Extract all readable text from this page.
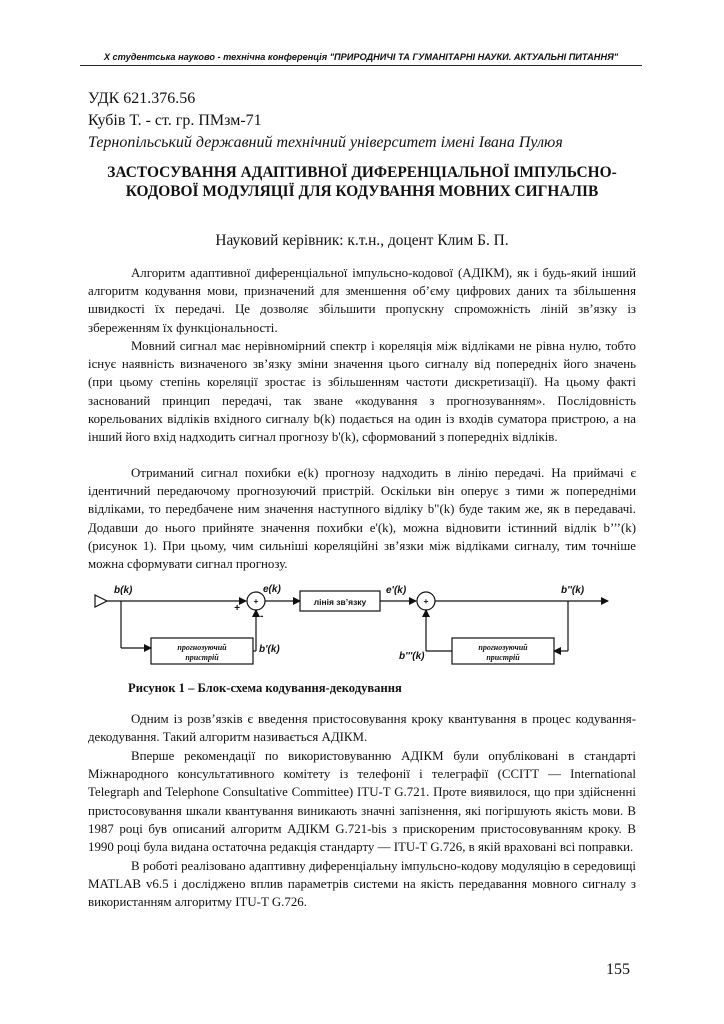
Х студентська науково - технічна конференція "ПРИРОДНИЧІ ТА ГУМАНІТАРНІ НАУКИ. АКТУАЛЬНІ ПИТАННЯ"
УДК 621.376.56
Кубів Т. - ст. гр. ПМзм-71
Тернопільський державний технічний університет імені Івана Пулюя
ЗАСТОСУВАННЯ АДАПТИВНОЇ ДИФЕРЕНЦІАЛЬНОЇ ІМПУЛЬСНО-КОДОВОЇ МОДУЛЯЦІЇ ДЛЯ КОДУВАННЯ МОВНИХ СИГНАЛІВ
Науковий керівник: к.т.н., доцент Клим Б. П.

Алгоритм адаптивної диференціальної імпульсно-кодової (АДІКМ), як і будь-який інший алгоритм кодування мови, призначений для зменшення об’єму цифрових даних та збільшення швидкості їх передачі. Це дозволяє збільшити пропускну спроможність ліній зв’язку із збереженням їх функціональності.

Мовний сигнал має нерівномірний спектр і кореляція між відліками не рівна нулю, тобто існує наявність визначеного зв’язку зміни значення цього сигналу від попередніх його значень (при цьому степінь кореляції зростає із збільшенням частоти дискретизації). На цьому факті заснований принцип передачі, так зване «кодування з прогнозуванням». Послідовність корельованих відліків вхідного сигналу b(k) подається на один із входів суматора пристрою, а на інший його вхід надходить сигнал прогнозу b'(k), сформований з попередніх відліків.

Отриманий сигнал похибки e(k) прогнозу надходить в лінію передачі. На приймачі є ідентичний передаючому прогнозуючий пристрій. Оскільки він оперує з тими ж попередніми відліками, то передбачене ним значення наступного відліку b"(k) буде таким же, як в передавачі. Додавши до нього прийняте значення похибки e'(k), можна відновити істинний відлік b’’’(k) (рисунок 1). При цьому, чим сильніші кореляційні зв’язки між відліками сигналу, тим точніше можна сформувати сигнал прогнозу.

прогнозуючий
пристрій
+
+
-
лінія зв’язку	+
прогнозуючий
пристрій
b(k)	e(k)	e'(k)	b''(k)
b'(k)
b'''(k)
Рисунок 1 – Блок-схема кодування-декодування

Одним із розв’язків є введення пристосовування кроку квантування в процес кодування-декодування. Такий алгоритм називається АДІКМ.

Вперше рекомендації по використовуванню АДІКМ були опубліковані в стандарті Міжнародного консультативного комітету із телефонії і телеграфії (CCITT — International Telegraph and Telephone Consultative Committee) ITU-T G.721. Проте виявилося, що при здійсненні пристосовування шкали квантування виникають значні запізнення, які погіршують якість мови. В 1987 році був описаний алгоритм АДІКМ G.721-bis з прискореним пристосовуванням кроку. В 1990 році була видана остаточна редакція стандарту — ITU-T G.726, в якій враховані всі поправки.

В роботі реалізовано адаптивну диференціальну імпульсно-кодову модуляцію в середовищі MATLAB v6.5 і досліджено вплив параметрів системи на якість передавання мовного сигналу з використанням алгоритму ITU-T G.726.

155
